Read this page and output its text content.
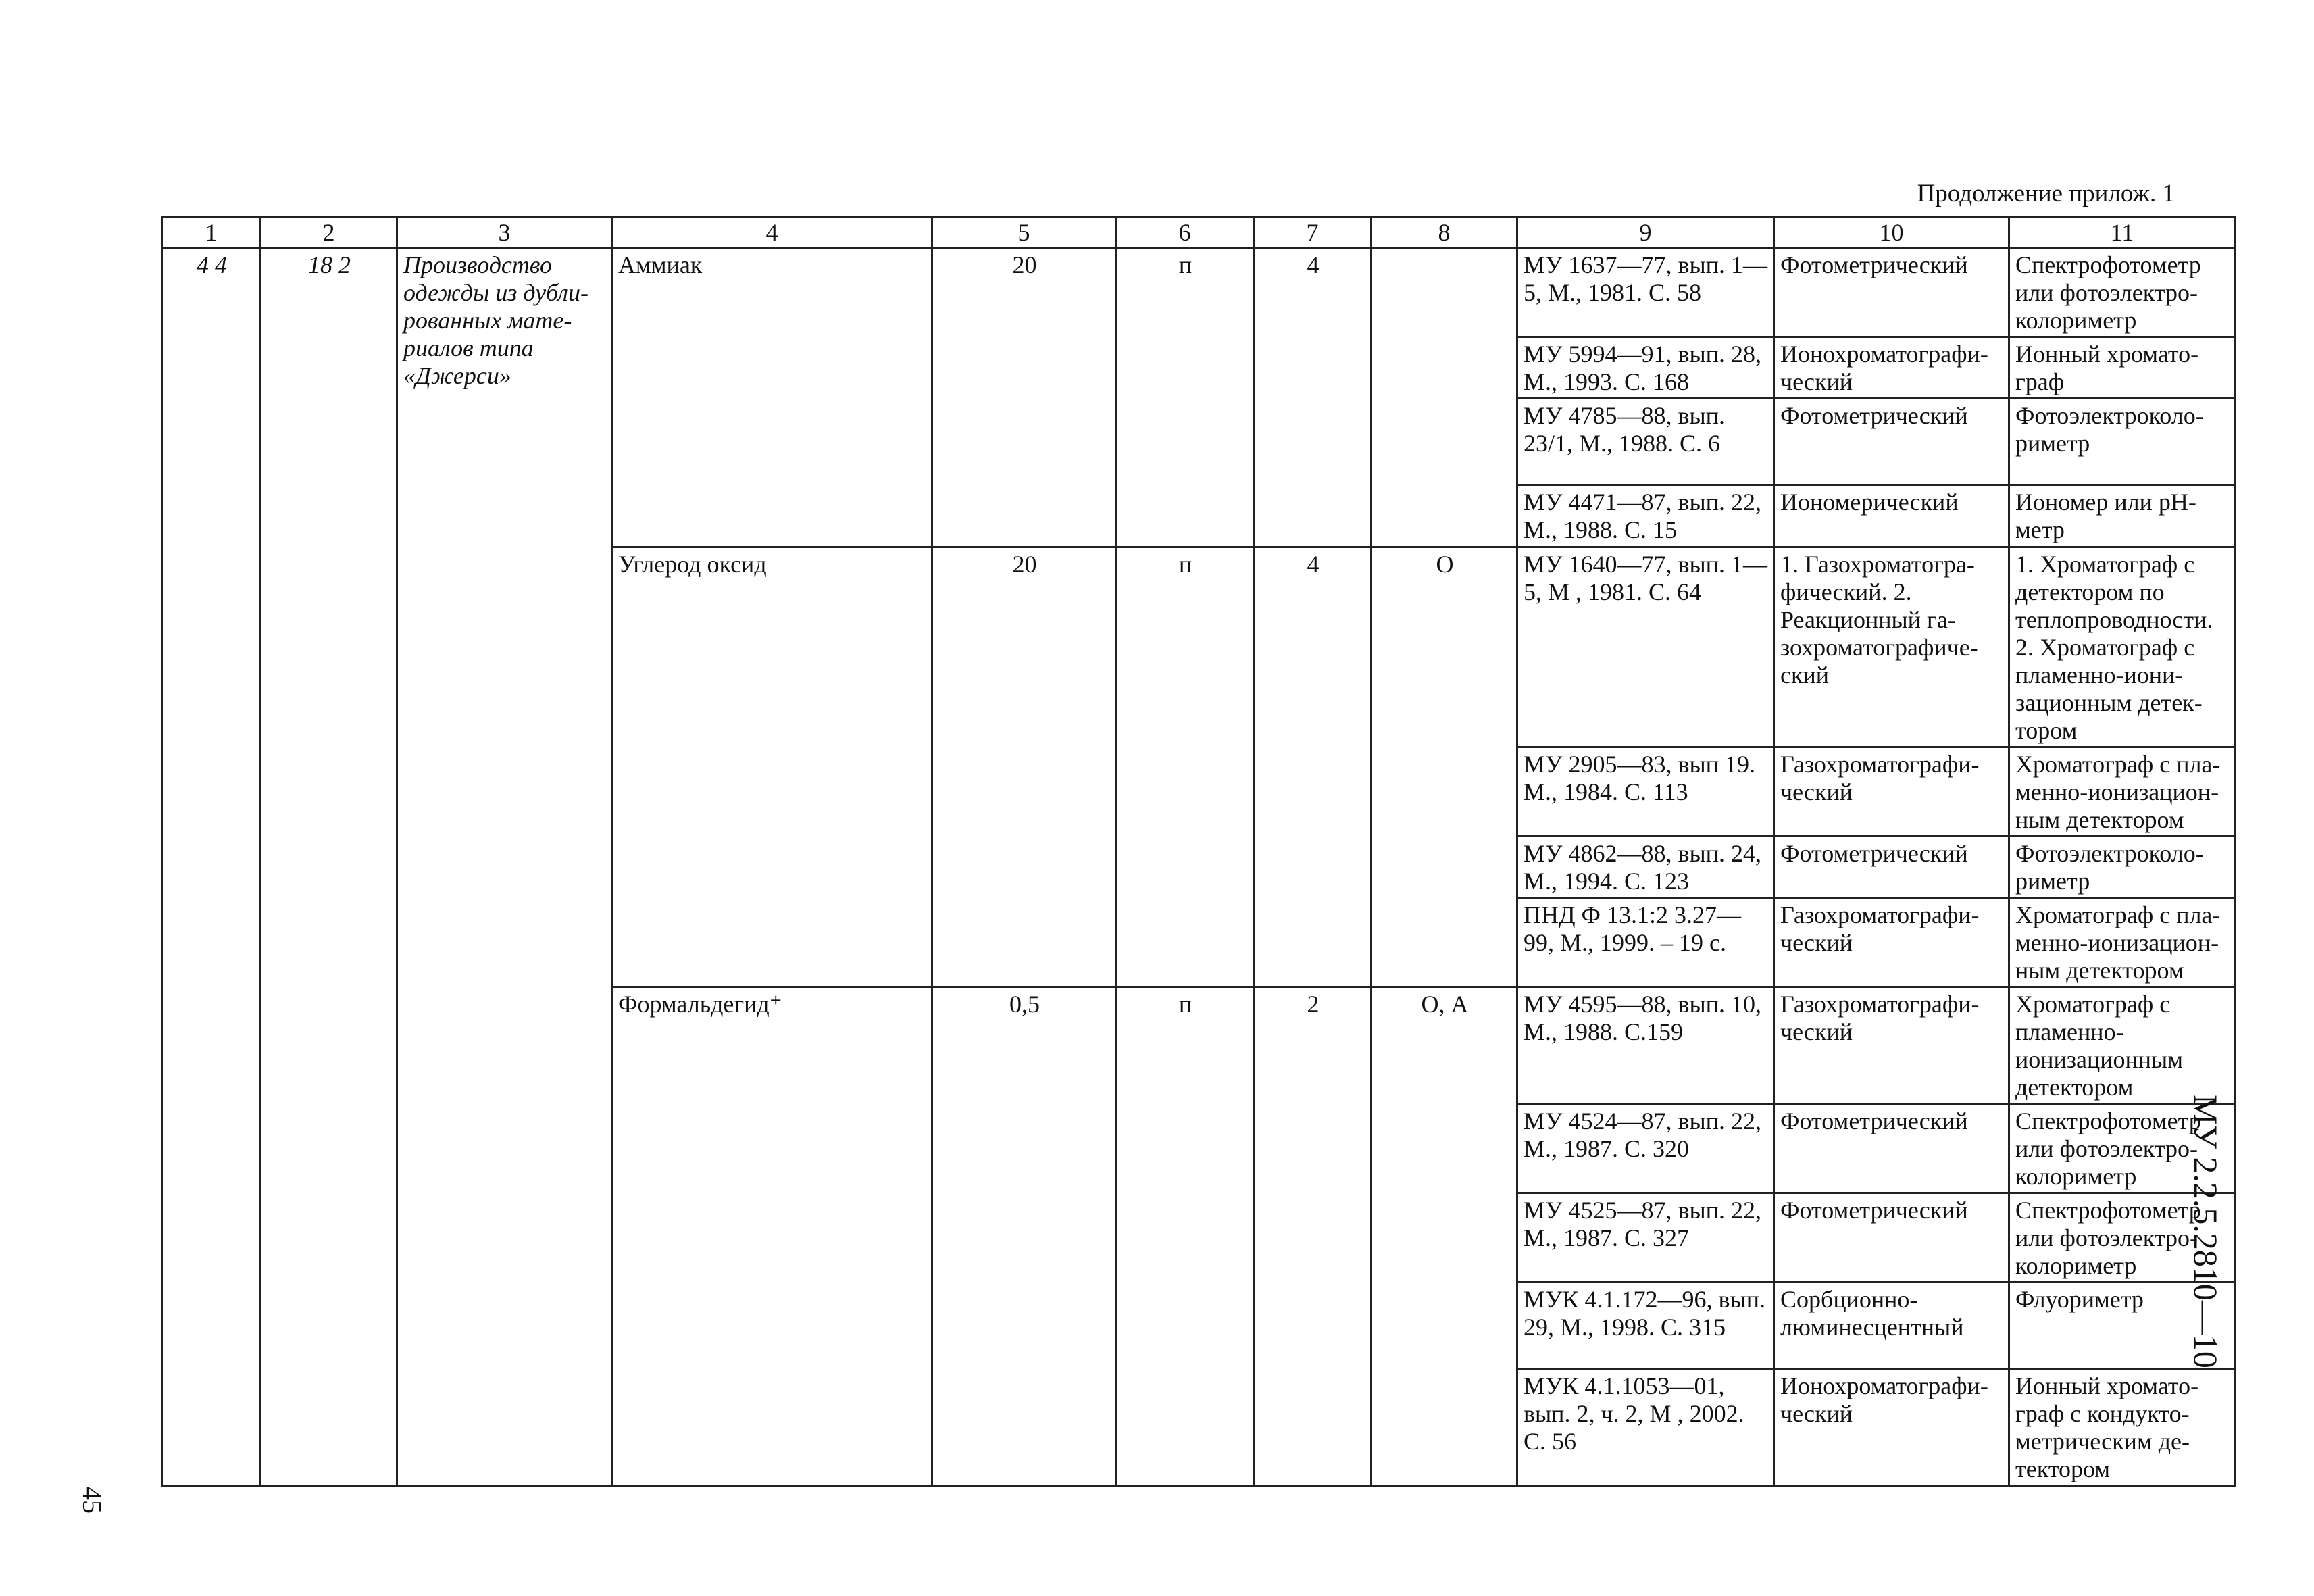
Продолжение прилож. 1
1	2	3	4	5	6	7	8	9	10	11
4 4	18 2	Производство одежды из дубли-рованных мате-риалов типа «Джерси»	Аммиак	20	п	4		МУ 1637—77, вып. 1—5, М., 1981. С. 58	Фотометрический	Спектрофотометр или фотоэлектро-колориметр
								МУ 5994—91, вып. 28, М., 1993. С. 168	Ионохроматографи-ческий	Ионный хромато-граф
								МУ 4785—88, вып. 23/1, М., 1988. С. 6	Фотометрический	Фотоэлектроколо-риметр
								МУ 4471—87, вып. 22, М., 1988. С. 15	Иономерический	Иономер или pH-метр
			Углерод оксид	20	п	4	О	МУ 1640—77, вып. 1—5, М , 1981. С. 64	1. Газохроматогра-фический. 2. Реакционный га-зохроматографиче-ский	1. Хроматограф с детектором по теплопроводности. 2. Хроматограф с пламенно-иони-зационным детек-тором
								МУ 2905—83, вып 19. М., 1984. С. 113	Газохроматографи-ческий	Хроматограф с пла-менно-ионизацион-ным детектором
								МУ 4862—88, вып. 24, М., 1994. С. 123	Фотометрический	Фотоэлектроколо-риметр
								ПНД Ф 13.1:2 3.27—99, М., 1999. – 19 с.	Газохроматографи-ческий	Хроматограф с пла-менно-ионизацион-ным детектором
			Формальдегид⁺	0,5	п	2	О, А	МУ 4595—88, вып. 10, М., 1988. С.159	Газохроматографи-ческий	Хроматограф с пламенно-ионизационным детектором
								МУ 4524—87, вып. 22, М., 1987. С. 320	Фотометрический	Спектрофотометр или фотоэлектро-колориметр
								МУ 4525—87, вып. 22, М., 1987. С. 327	Фотометрический	Спектрофотометр или фотоэлектро-колориметр
								МУК 4.1.172—96, вып. 29, М., 1998. С. 315	Сорбционно-люминесцентный	Флуориметр
								МУК 4.1.1053—01, вып. 2, ч. 2, М , 2002. С. 56	Ионохроматографи-ческий	Ионный хромато-граф с кондукто-метрическим де-тектором
МУ 2.2.5.2810—10
45
